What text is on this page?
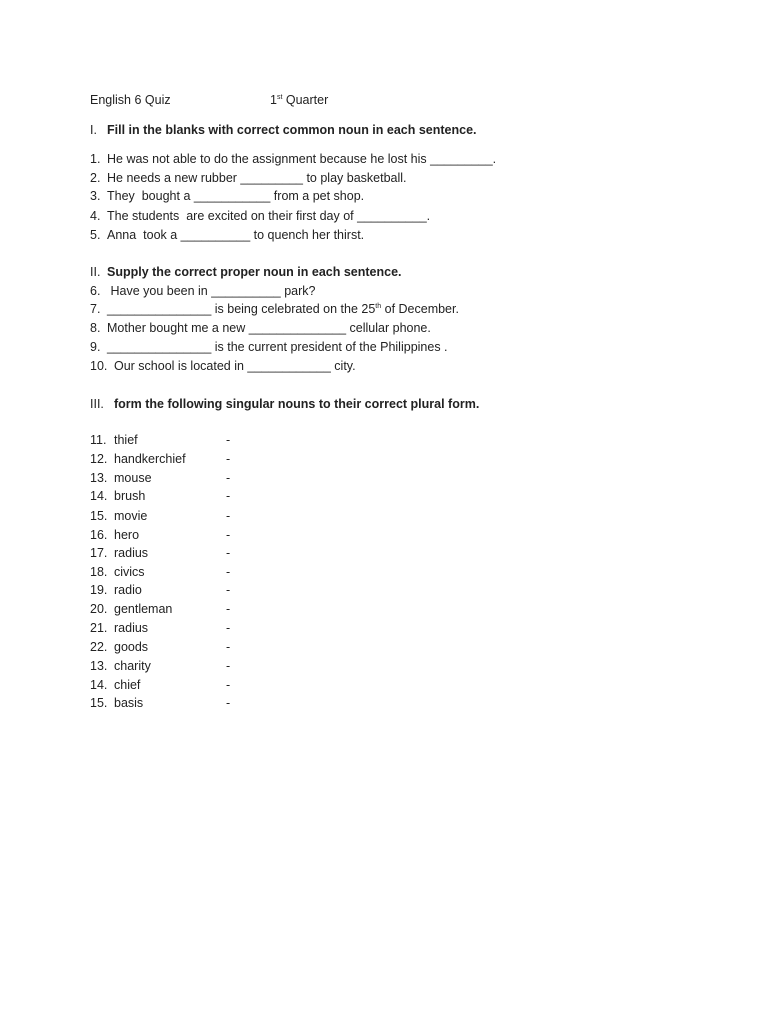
English 6 Quiz	1st Quarter
I. Fill in the blanks with correct common noun in each sentence.
1. He was not able to do the assignment because he lost his _________.
2. He needs a new rubber _________ to play basketball.
3. They  bought a ___________ from a pet shop.
4. The students  are excited on their first day of __________.
5. Anna  took a __________ to quench her thirst.
II. Supply the correct proper noun in each sentence.
6. Have you been in __________ park?
7. _______________ is being celebrated on the 25th of December.
8. Mother bought me a new ______________ cellular phone.
9. _______________ is the current president of the Philippines .
10. Our school is located in ____________ city.
III. form the following singular nouns to their correct plural form.
11. thief	-
12. handkerchief	-
13. mouse	-
14. brush	-
15. movie	-
16. hero	-
17. radius	-
18. civics	-
19. radio	-
20. gentleman	-
21. radius	-
22. goods	-
13. charity	-
14. chief	-
15. basis	-
